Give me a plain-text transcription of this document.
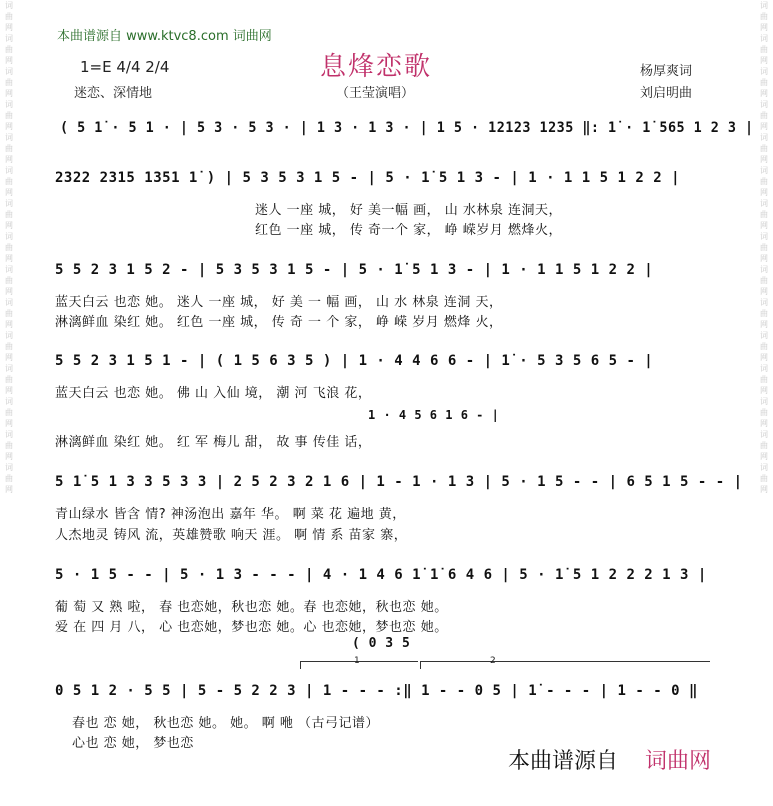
词曲网词曲网词曲网词曲网词曲网词曲网词曲网词曲网词曲网词曲网词曲网词曲网词曲网词曲网词曲网
词曲网词曲网词曲网词曲网词曲网词曲网词曲网词曲网词曲网词曲网词曲网词曲网词曲网词曲网词曲网
本曲谱源自 www.ktvc8.com 词曲网
1=E 4/4 2/4
迷恋、深情地
息烽恋歌
（王莹演唱）
杨厚爽词
刘启明曲
( 5 1̇ · 5 1 · | 5 3 · 5 3 · | 1 3 · 1 3 · | 1 5 · 12123 1235 ‖: 1̇ · 1̇ 565 1 2 3 |
2322 2315 1351 1̇ ) | 5 3 5 3 1 5 - | 5 · 1̇ 5 1 3 - | 1 · 1 1 5 1 2 2 |
迷人 一座 城， 好 美一幅 画， 山 水林泉 连洞天，
红色 一座 城， 传 奇一个 家， 峥 嵘岁月 燃烽火，
5 5 2 3 1 5 2 - | 5 3 5 3 1 5 - | 5 · 1̇ 5 1 3 - | 1 · 1 1 5 1 2 2 |
蓝天白云 也恋 她。 迷人 一座 城， 好 美 一 幅 画， 山 水 林泉 连洞 天，
淋漓鲜血 染红 她。 红色 一座 城， 传 奇 一 个 家， 峥 嵘 岁月 燃烽 火，
5 5 2 3 1 5 1 - | ( 1 5 6 3 5 ) | 1 · 4 4 6 6 - | 1̇ · 5 3 5 6 5 - |
蓝天白云 也恋 她。 佛 山 入仙 境， 潮 河 飞浪 花，
1 · 4 5 6 1 6 - |
淋漓鲜血 染红 她。 红 军 梅儿 甜， 故 事 传佳 话，
5 1̇ 5 1 3 3 5 3 3 | 2 5 2 3 2 1 6 | 1 - 1 · 1 3 | 5 · 1 5 - - | 6 5 1 5 - - |
青山绿水 皆含 情? 神汤泡出 嘉年 华。 啊 菜 花 遍地 黄，
人杰地灵 铸风 流，英雄赞歌 响天 涯。 啊 情 系 苗家 寨，
5 · 1 5 - - | 5 · 1 3 - - - | 4 · 1 4 6 1̇ 1̇ 6 4 6 | 5 · 1̇ 5 1 2 2 2 1 3 |
葡 萄 又 熟 啦， 春 也恋她，秋也恋 她。春 也恋她，秋也恋 她。
爱 在 四 月 八， 心 也恋她，梦也恋 她。心 也恋她，梦也恋 她。
( 0 3 5
1	2
0 5 1 2 · 5 5 | 5 - 5 2 2 3 | 1 - - - :‖ 1 - - 0 5 | 1̇ - - - | 1 - - 0 ‖
春也 恋 她， 秋也恋 她。 她。 啊 咃 （古弓记谱）
心也 恋 她， 梦也恋
本曲谱源自 词曲网
